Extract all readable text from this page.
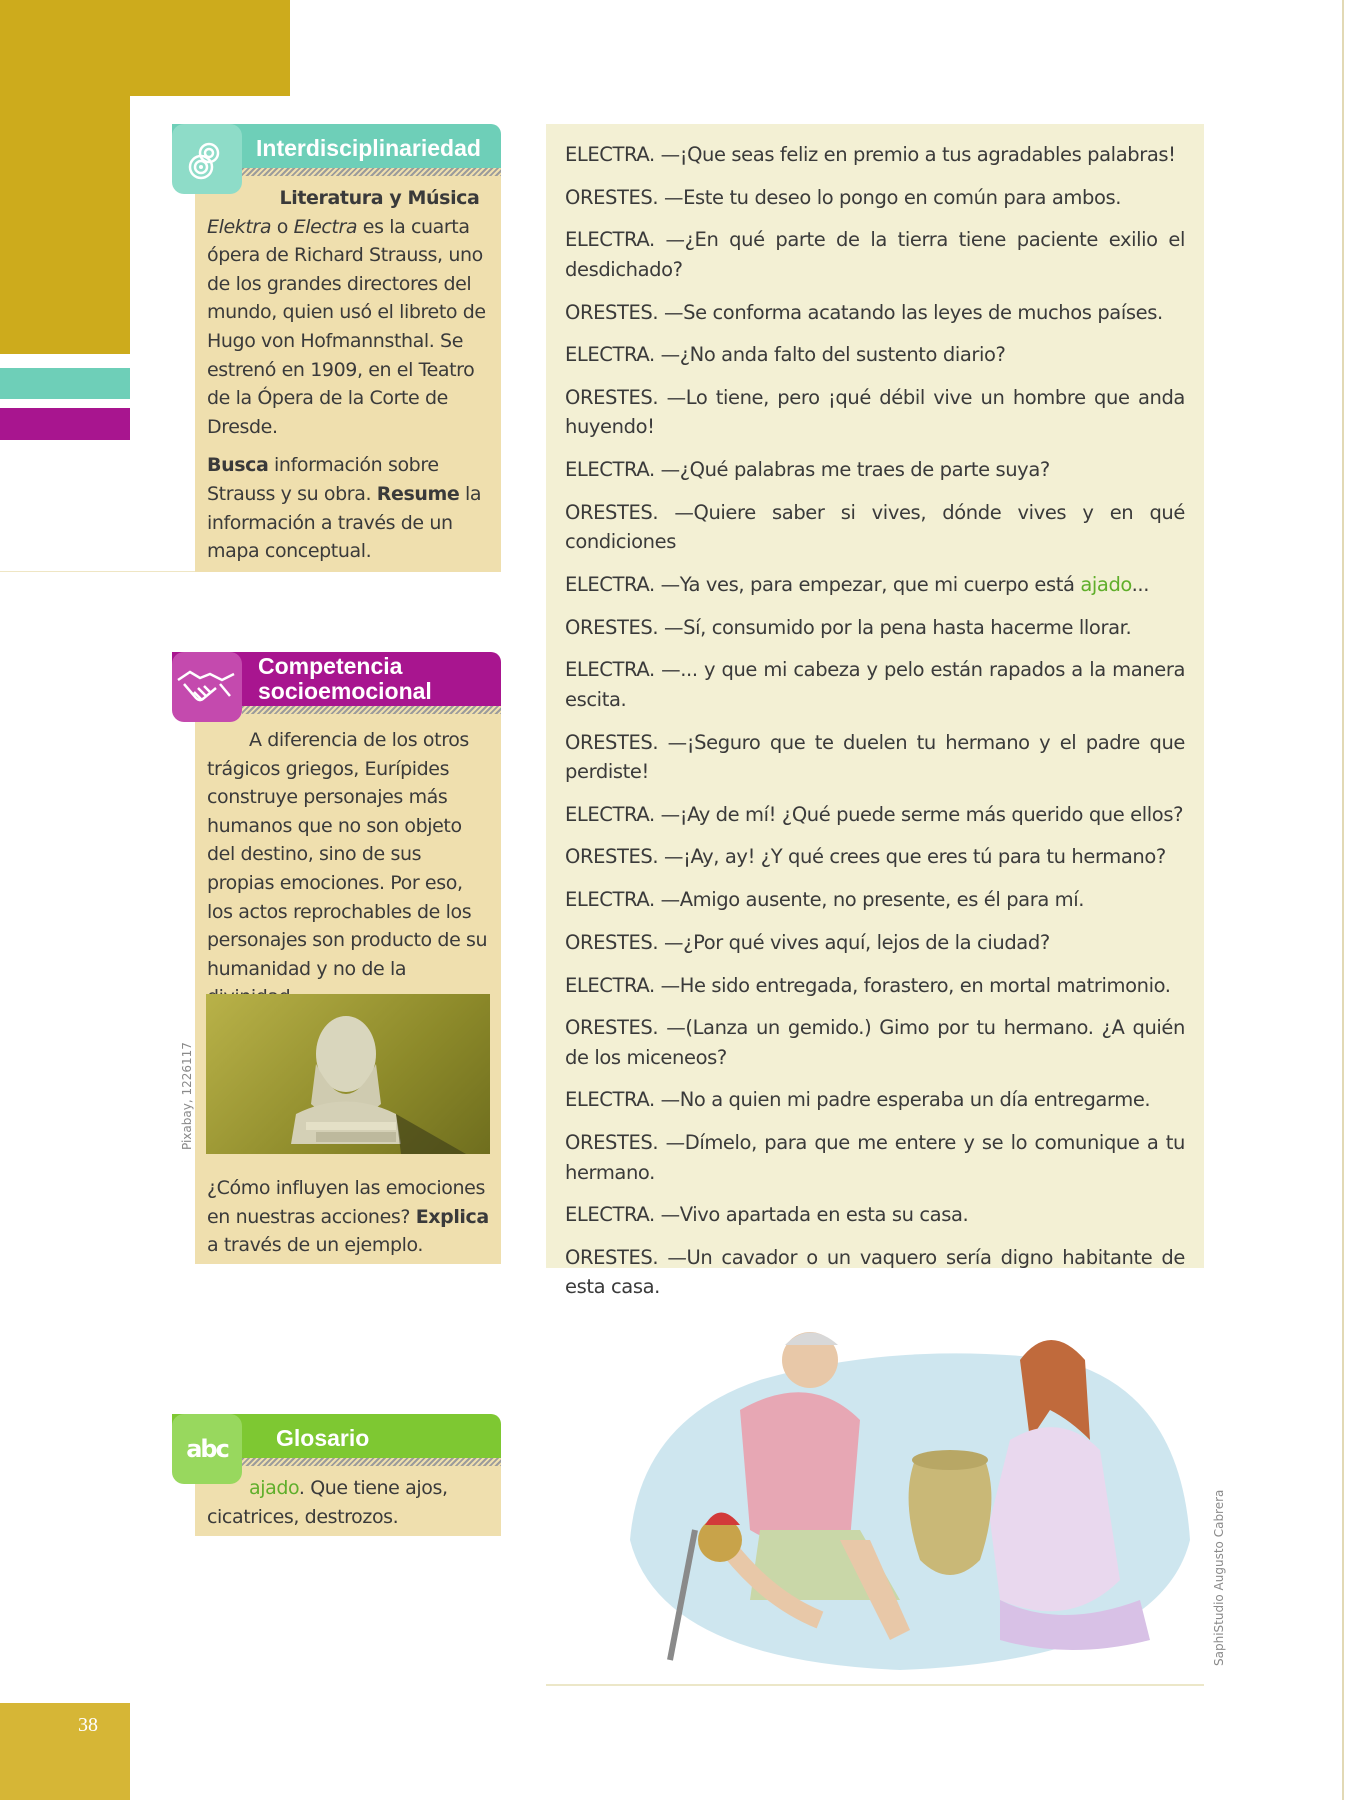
38
Interdisciplinariedad

Literatura y Música

Elektra o Electra es la cuarta ópera de Richard Strauss, uno de los grandes directores del mundo, quien usó el libreto de Hugo von Hofmannsthal. Se estrenó en 1909, en el Teatro de la Ópera de la Corte de Dresde.

Busca información sobre Strauss y su obra. Resume la información a través de un mapa conceptual.

Competencia
socioemocional

A diferencia de los otros trágicos griegos, Eurípides construye personajes más humanos que no son objeto del destino, sino de sus propias emociones. Por eso, los actos reprochables de los personajes son producto de su humanidad y no de la

Pixabay, 1226117

¿Cómo influyen las emociones en nuestras acciones? Explica a través de un ejemplo.

abc Glosario

ajado. Que tiene ajos, cicatrices, destrozos.

ELECTRA. —¡Que seas feliz en premio a tus agradables palabras!

ORESTES. —Este tu deseo lo pongo en común para ambos.

ELECTRA. —¿En qué parte de la tierra tiene paciente exilio el desdichado?

ORESTES. —Se conforma acatando las leyes de muchos países.

ELECTRA. —¿No anda falto del sustento diario?

ORESTES. —Lo tiene, pero ¡qué débil vive un hombre que anda huyendo!

ELECTRA. —¿Qué palabras me traes de parte suya?

ORESTES. —Quiere saber si vives, dónde vives y en qué condiciones

ELECTRA. —Ya ves, para empezar, que mi cuerpo está ajado...

ORESTES. —Sí, consumido por la pena hasta hacerme llorar.

ELECTRA. —... y que mi cabeza y pelo están rapados a la manera escita.

ORESTES. —¡Seguro que te duelen tu hermano y el padre que perdiste!

ELECTRA. —¡Ay de mí! ¿Qué puede serme más querido que ellos?

ORESTES. —¡Ay, ay! ¿Y qué crees que eres tú para tu hermano?

ELECTRA. —Amigo ausente, no presente, es él para mí.

ORESTES. —¿Por qué vives aquí, lejos de la ciudad?

ELECTRA. —He sido entregada, forastero, en mortal matrimonio.

ORESTES. —(Lanza un gemido.) Gimo por tu hermano. ¿A quién de los miceneos?

ELECTRA. —No a quien mi padre esperaba un día entregarme.

ORESTES. —Dímelo, para que me entere y se lo comunique a tu hermano.

ELECTRA. —Vivo apartada en esta su casa.

ORESTES. —Un cavador o un vaquero sería digno habitante de esta casa.

SaphiStudio Augusto Cabrera
